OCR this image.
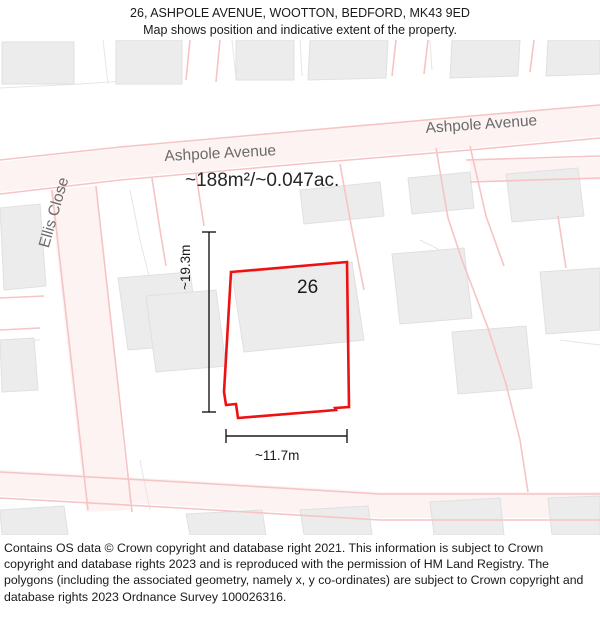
26, ASHPOLE AVENUE, WOOTTON, BEDFORD, MK43 9ED
Map shows position and indicative extent of the property.
~188m²/~0.047ac.
26
~19.3m
~11.7m
Ashpole Avenue
Ashpole Avenue
Ellis Close
Contains OS data © Crown copyright and database right 2021. This information is subject to Crown copyright and database rights 2023 and is reproduced with the permission of HM Land Registry. The polygons (including the associated geometry, namely x, y co-ordinates) are subject to Crown copyright and database rights 2023 Ordnance Survey 100026316.
